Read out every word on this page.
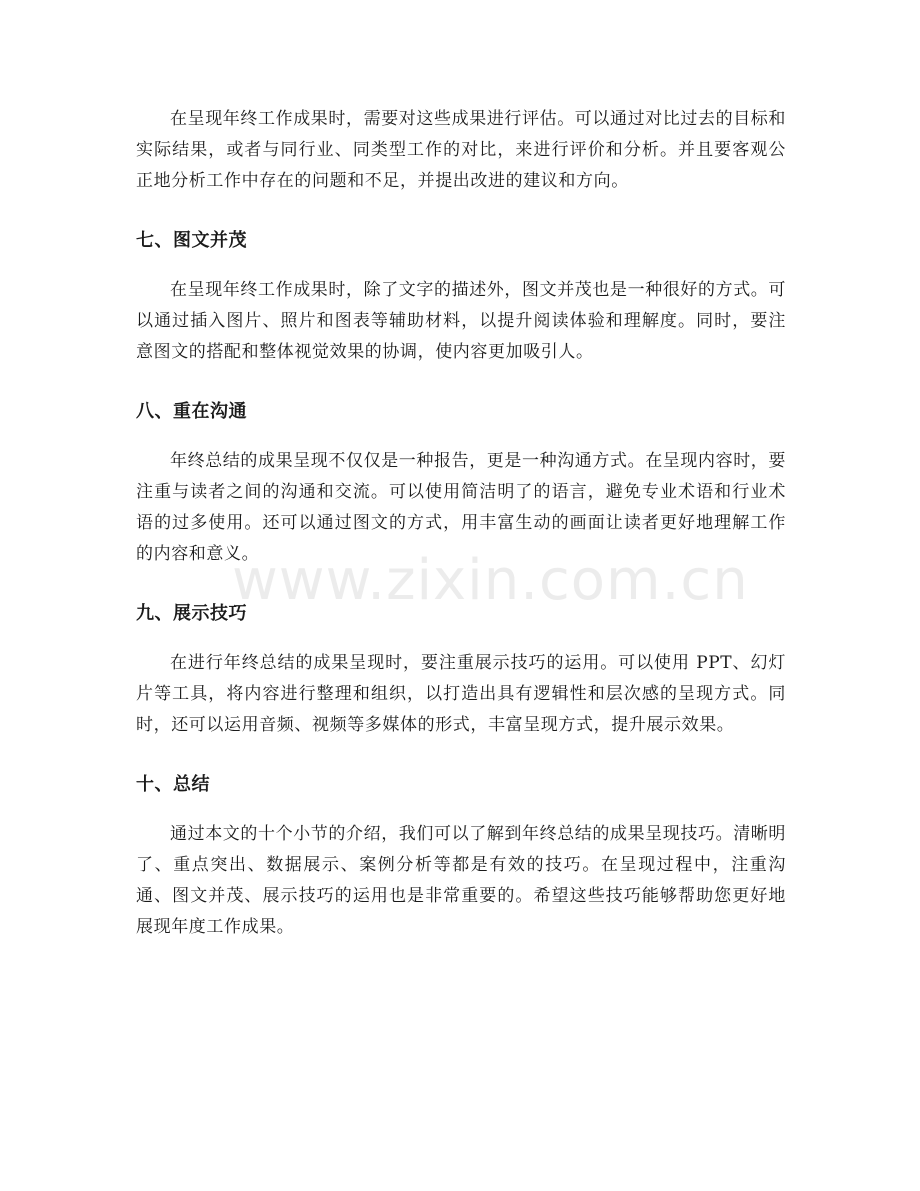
在呈现年终工作成果时，需要对这些成果进行评估。可以通过对比过去的目标和实际结果，或者与同行业、同类型工作的对比，来进行评价和分析。并且要客观公正地分析工作中存在的问题和不足，并提出改进的建议和方向。

七、图文并茂

在呈现年终工作成果时，除了文字的描述外，图文并茂也是一种很好的方式。可以通过插入图片、照片和图表等辅助材料，以提升阅读体验和理解度。同时，要注意图文的搭配和整体视觉效果的协调，使内容更加吸引人。

八、重在沟通

年终总结的成果呈现不仅仅是一种报告，更是一种沟通方式。在呈现内容时，要注重与读者之间的沟通和交流。可以使用简洁明了的语言，避免专业术语和行业术语的过多使用。还可以通过图文的方式，用丰富生动的画面让读者更好地理解工作的内容和意义。

九、展示技巧

在进行年终总结的成果呈现时，要注重展示技巧的运用。可以使用 PPT、幻灯片等工具，将内容进行整理和组织，以打造出具有逻辑性和层次感的呈现方式。同时，还可以运用音频、视频等多媒体的形式，丰富呈现方式，提升展示效果。

十、总结

通过本文的十个小节的介绍，我们可以了解到年终总结的成果呈现技巧。清晰明了、重点突出、数据展示、案例分析等都是有效的技巧。在呈现过程中，注重沟通、图文并茂、展示技巧的运用也是非常重要的。希望这些技巧能够帮助您更好地展现年度工作成果。

www.zixin.com.cn
